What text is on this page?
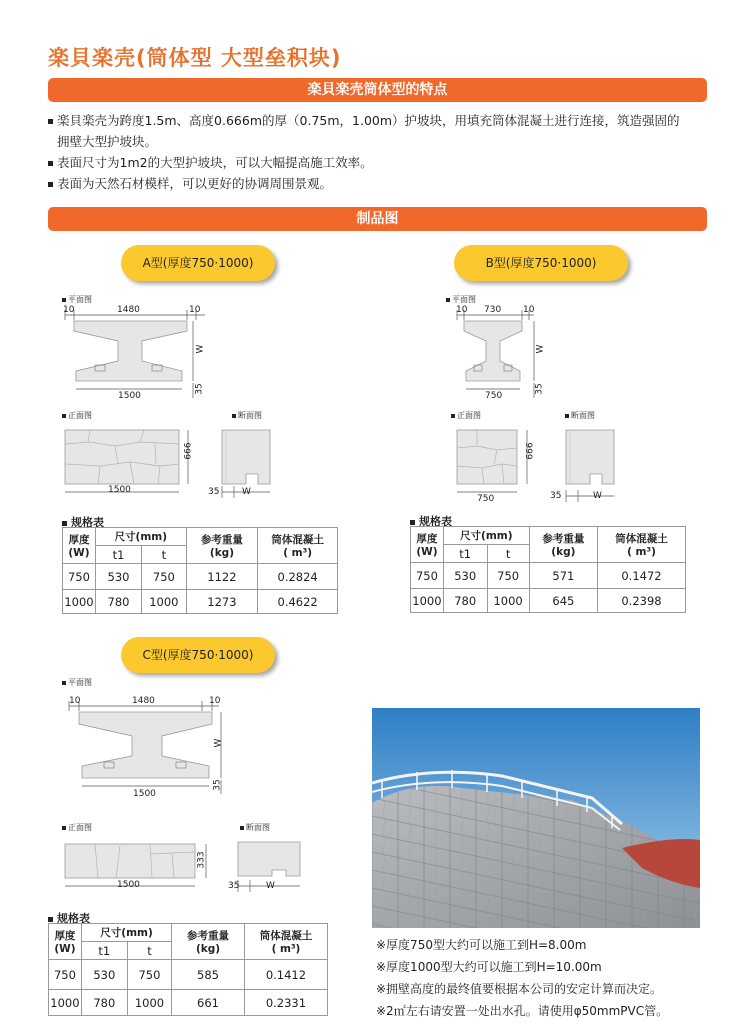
楽貝楽壳(筒体型 大型垒积块)
楽貝楽壳筒体型的特点
楽貝楽壳为跨度1.5m、高度0.666m的厚（0.75m，1.00m）护坡块，用填充筒体混凝土进行连接，筑造强固的
拥壁大型护坡块。
表面尺寸为1m2的大型护坡块，可以大幅提高施工效率。
表面为天然石材模样，可以更好的协调周围景观。
制品图
A型(厚度750·1000)
平面图
10	1480	10
W
35
1500
正面图
666
1500
断面图
35	W
规格表
厚度
(W)	尺寸(mm)		参考重量
(kg)	筒体混凝土
( m³)
	t1	t		
750	530	750	1122	0.2824
1000	780	1000	1273	0.4622
B型(厚度750·1000)
平面图
10 730 10
W
35
750
正面图
666
750
断面图
35	W
规格表
厚度
(W)	尺寸(mm)		参考重量
(kg)	筒体混凝土
( m³)
	t1	t		
750	530	750	571	0.1472
1000	780	1000	645	0.2398
C型(厚度750·1000)
平面图
10	1480	10
W
35
1500
正面图
333
1500
断面图
35	W
规格表
厚度
(W)	尺寸(mm)		参考重量
(kg)	筒体混凝土
( m³)
	t1	t		
750	530	750	585	0.1412
1000	780	1000	661	0.2331
※厚度750型大约可以施工到H=8.00m
※厚度1000型大约可以施工到H=10.00m
※拥壁高度的最终值要根据本公司的安定计算而决定。
※2㎡左右请安置一处出水孔。请使用φ50mmPVC管。
